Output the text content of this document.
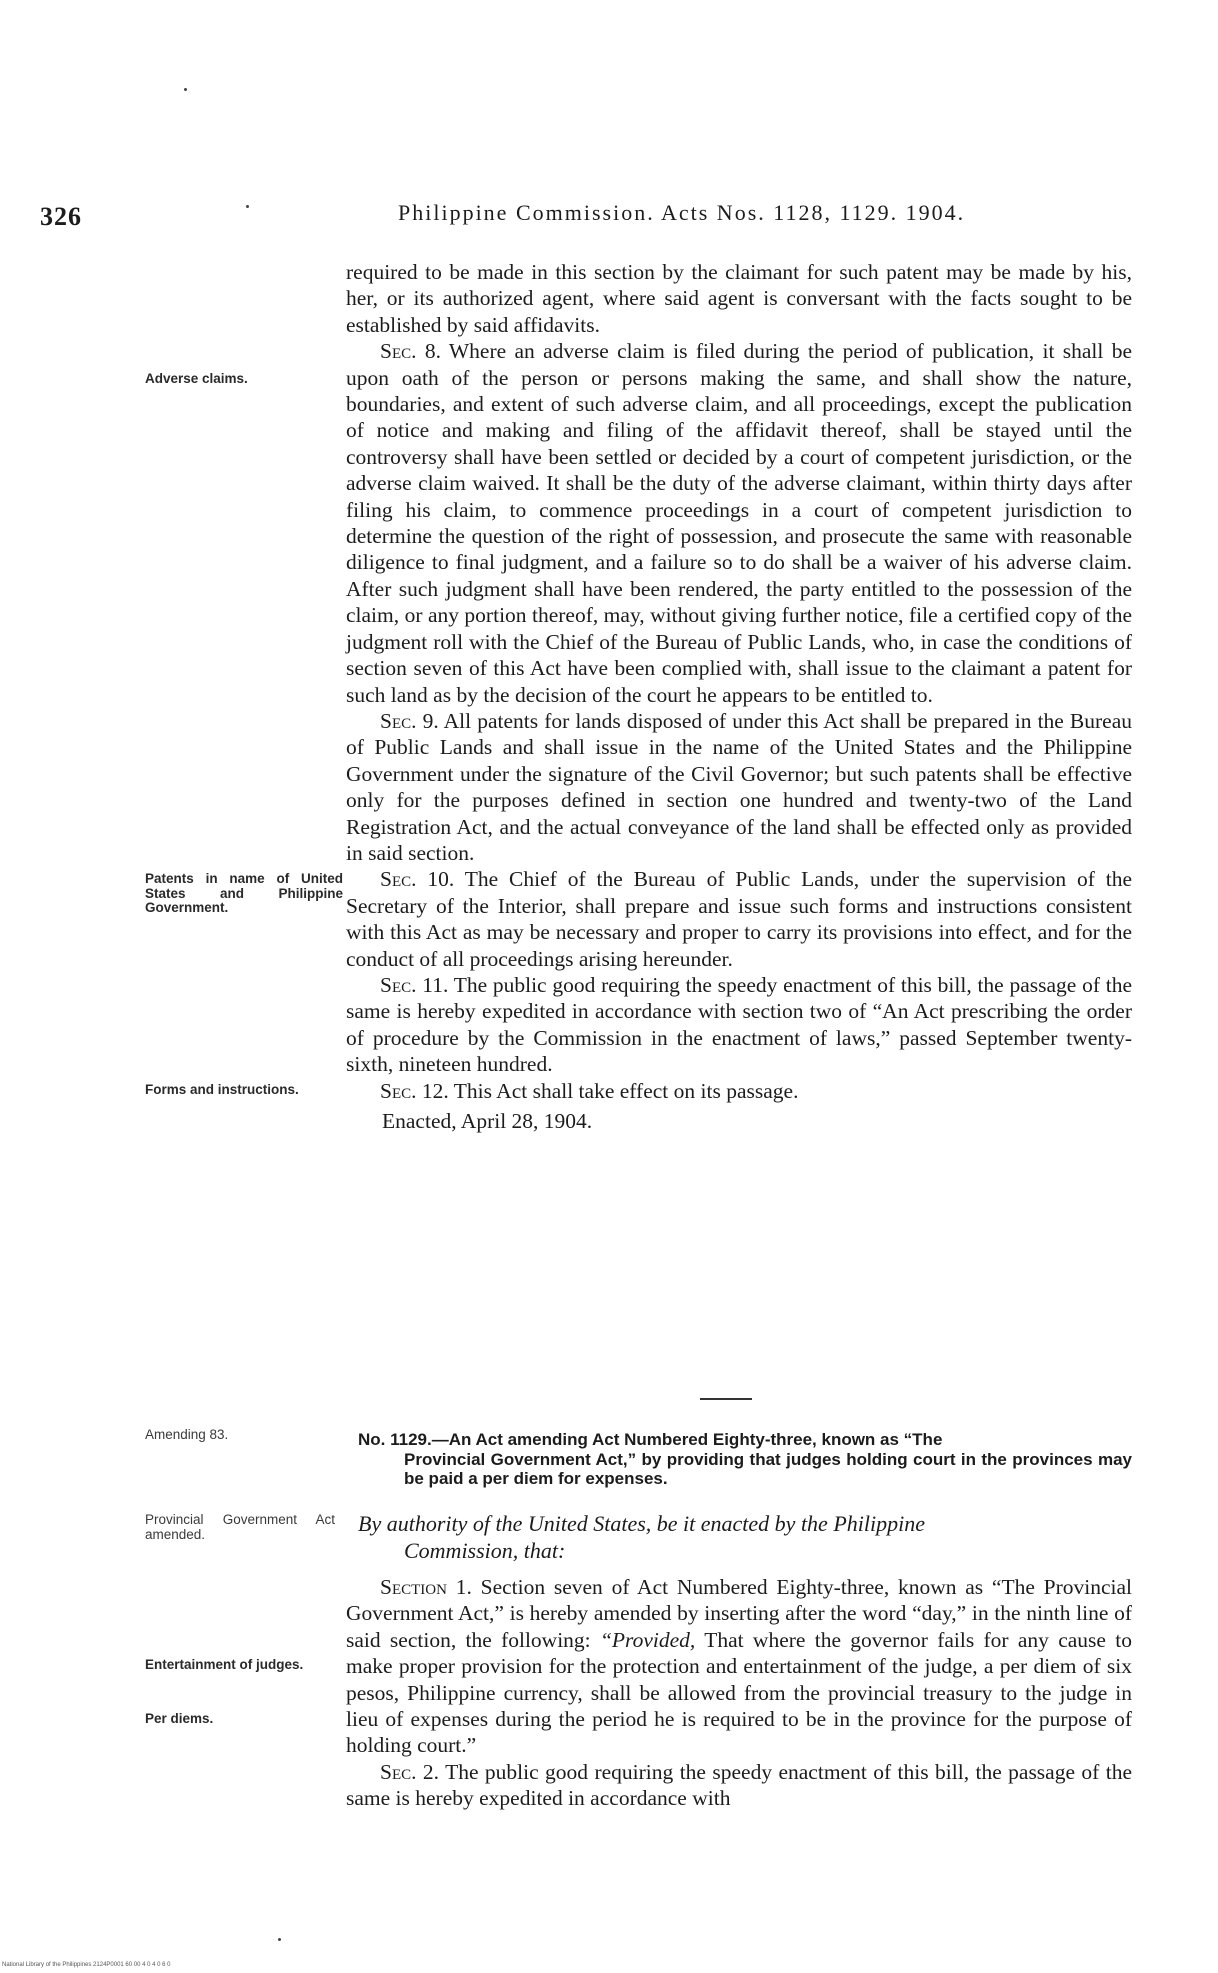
326	Philippine Commission. Acts Nos. 1128, 1129. 1904.

required to be made in this section by the claimant for such patent may be made by his, her, or its authorized agent, where said agent is conversant with the facts sought to be established by said affidavits.

Sec. 8. Where an adverse claim is filed during the period of publication, it shall be upon oath of the person or persons making the same, and shall show the nature, boundaries, and extent of such adverse claim, and all proceedings, except the publication of notice and making and filing of the affidavit thereof, shall be stayed until the controversy shall have been settled or decided by a court of competent jurisdiction, or the adverse claim waived. It shall be the duty of the adverse claimant, within thirty days after filing his claim, to commence proceedings in a court of competent jurisdiction to determine the question of the right of possession, and prosecute the same with reasonable diligence to final judgment, and a failure so to do shall be a waiver of his adverse claim. After such judgment shall have been rendered, the party entitled to the possession of the claim, or any portion thereof, may, without giving further notice, file a certified copy of the judgment roll with the Chief of the Bureau of Public Lands, who, in case the conditions of section seven of this Act have been complied with, shall issue to the claimant a patent for such land as by the decision of the court he appears to be entitled to.

Sec. 9. All patents for lands disposed of under this Act shall be prepared in the Bureau of Public Lands and shall issue in the name of the United States and the Philippine Government under the signature of the Civil Governor; but such patents shall be effective only for the purposes defined in section one hundred and twenty-two of the Land Registration Act, and the actual conveyance of the land shall be effected only as provided in said section.

Sec. 10. The Chief of the Bureau of Public Lands, under the supervision of the Secretary of the Interior, shall prepare and issue such forms and instructions consistent with this Act as may be necessary and proper to carry its provisions into effect, and for the conduct of all proceedings arising hereunder.

Sec. 11. The public good requiring the speedy enactment of this bill, the passage of the same is hereby expedited in accordance with section two of “An Act prescribing the order of procedure by the Commission in the enactment of laws,” passed September twenty-sixth, nineteen hundred.

Sec. 12. This Act shall take effect on its passage.

Enacted, April 28, 1904.

Adverse claims.
Patents in name of United States and Philippine Government.
Forms and instructions.
Amending 83.
Provincial Government Act amended.
Entertainment of judges.
Per diems.
No. 1129.—An Act amending Act Numbered Eighty-three, known as “The
Provincial Government Act,” by providing that judges holding court in the provinces may be paid a per diem for expenses.
By authority of the United States, be it enacted by the Philippine
Commission, that:

Section 1. Section seven of Act Numbered Eighty-three, known as “The Provincial Government Act,” is hereby amended by inserting after the word “day,” in the ninth line of said section, the following: “Provided, That where the governor fails for any cause to make proper provision for the protection and entertainment of the judge, a per diem of six pesos, Philippine currency, shall be allowed from the provincial treasury to the judge in lieu of expenses during the period he is required to be in the province for the purpose of holding court.”

Sec. 2. The public good requiring the speedy enactment of this bill, the passage of the same is hereby expedited in accordance with

National Library of the Philippines 2124P0001 60 00 4 0 4 0 6 0
